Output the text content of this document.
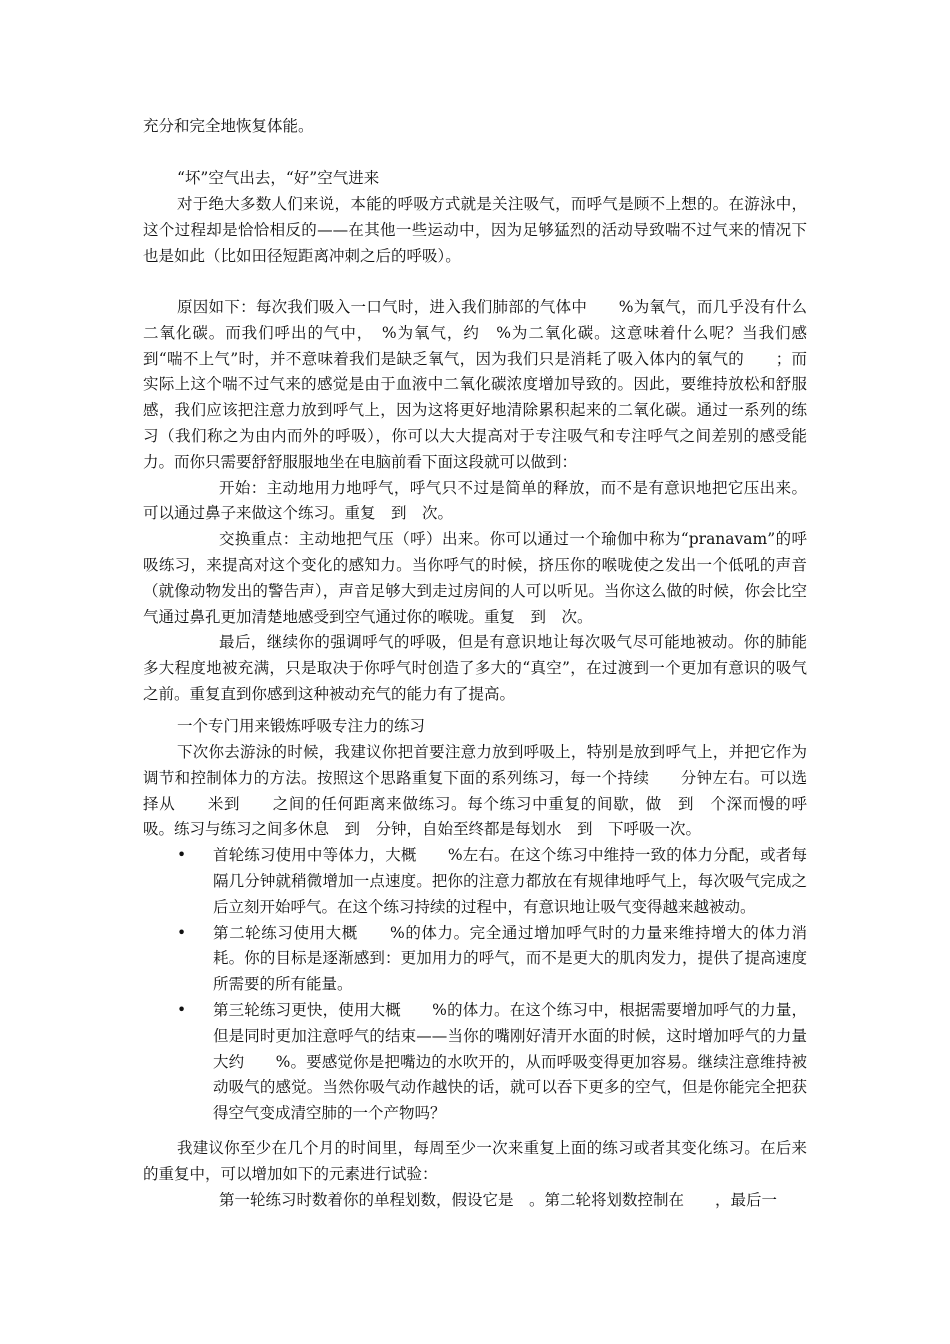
充分和完全地恢复体能。

“坏”空气出去，“好”空气进来

对于绝大多数人们来说，本能的呼吸方式就是关注吸气，而呼气是顾不上想的。在游泳中，这个过程却是恰恰相反的——在其他一些运动中，因为足够猛烈的活动导致喘不过气来的情况下也是如此（比如田径短距离冲刺之后的呼吸）。

原因如下：每次我们吸入一口气时，进入我们肺部的气体中　　%为氧气，而几乎没有什么二氧化碳。而我们呼出的气中，　%为氧气，约　%为二氧化碳。这意味着什么呢？当我们感到“喘不上气”时，并不意味着我们是缺乏氧气，因为我们只是消耗了吸入体内的氧气的　　；而实际上这个喘不过气来的感觉是由于血液中二氧化碳浓度增加导致的。因此，要维持放松和舒服感，我们应该把注意力放到呼气上，因为这将更好地清除累积起来的二氧化碳。通过一系列的练习（我们称之为由内而外的呼吸），你可以大大提高对于专注吸气和专注呼气之间差别的感受能力。而你只需要舒舒服服地坐在电脑前看下面这段就可以做到：

开始：主动地用力地呼气，呼气只不过是简单的释放，而不是有意识地把它压出来。可以通过鼻子来做这个练习。重复　到　次。

交换重点：主动地把气压（呼）出来。你可以通过一个瑜伽中称为“pranavam”的呼吸练习，来提高对这个变化的感知力。当你呼气的时候，挤压你的喉咙使之发出一个低吼的声音（就像动物发出的警告声），声音足够大到走过房间的人可以听见。当你这么做的时候，你会比空气通过鼻孔更加清楚地感受到空气通过你的喉咙。重复　到　次。

最后，继续你的强调呼气的呼吸，但是有意识地让每次吸气尽可能地被动。你的肺能多大程度地被充满，只是取决于你呼气时创造了多大的“真空”，在过渡到一个更加有意识的吸气之前。重复直到你感到这种被动充气的能力有了提高。

一个专门用来锻炼呼吸专注力的练习

下次你去游泳的时候，我建议你把首要注意力放到呼吸上，特别是放到呼气上，并把它作为调节和控制体力的方法。按照这个思路重复下面的系列练习，每一个持续　　分钟左右。可以选择从　　米到　　之间的任何距离来做练习。每个练习中重复的间歇，做　到　个深而慢的呼吸。练习与练习之间多休息　到　分钟，自始至终都是每划水　到　下呼吸一次。

•	首轮练习使用中等体力，大概　　%左右。在这个练习中维持一致的体力分配，或者每隔几分钟就稍微增加一点速度。把你的注意力都放在有规律地呼气上，每次吸气完成之后立刻开始呼气。在这个练习持续的过程中，有意识地让吸气变得越来越被动。
•	第二轮练习使用大概　　%的体力。完全通过增加呼气时的力量来维持增大的体力消耗。你的目标是逐渐感到：更加用力的呼气，而不是更大的肌肉发力，提供了提高速度所需要的所有能量。
•	第三轮练习更快，使用大概　　%的体力。在这个练习中，根据需要增加呼气的力量，但是同时更加注意呼气的结束——当你的嘴刚好清开水面的时候，这时增加呼气的力量大约　　%。要感觉你是把嘴边的水吹开的，从而呼吸变得更加容易。继续注意维持被动吸气的感觉。当然你吸气动作越快的话，就可以吞下更多的空气，但是你能完全把获得空气变成清空肺的一个产物吗？

我建议你至少在几个月的时间里，每周至少一次来重复上面的练习或者其变化练习。在后来的重复中，可以增加如下的元素进行试验：

第一轮练习时数着你的单程划数，假设它是　。第二轮将划数控制在　　，最后一
